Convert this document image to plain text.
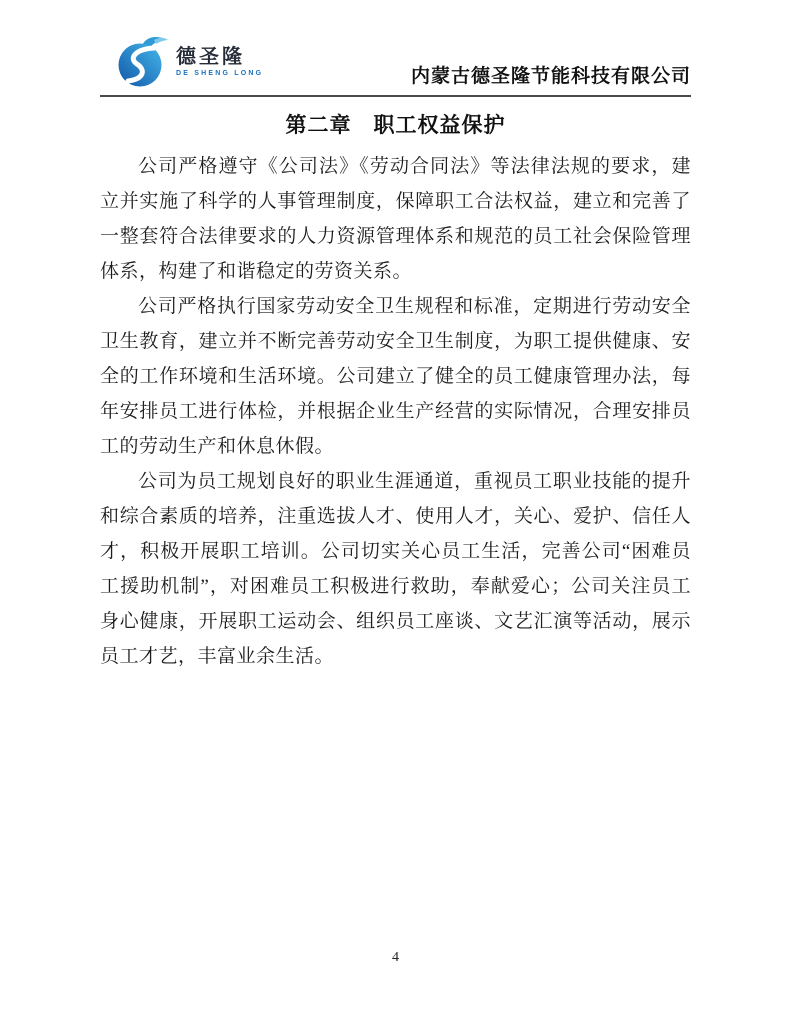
德圣隆
DE SHENG LONG	内蒙古德圣隆节能科技有限公司
第二章　职工权益保护

公司严格遵守《公司法》《劳动合同法》等法律法规的要求，建立并实施了科学的人事管理制度，保障职工合法权益，建立和完善了一整套符合法律要求的人力资源管理体系和规范的员工社会保险管理体系，构建了和谐稳定的劳资关系。

公司严格执行国家劳动安全卫生规程和标准，定期进行劳动安全卫生教育，建立并不断完善劳动安全卫生制度，为职工提供健康、安全的工作环境和生活环境。公司建立了健全的员工健康管理办法，每年安排员工进行体检，并根据企业生产经营的实际情况，合理安排员工的劳动生产和休息休假。

公司为员工规划良好的职业生涯通道，重视员工职业技能的提升和综合素质的培养，注重选拔人才、使用人才，关心、爱护、信任人才，积极开展职工培训。公司切实关心员工生活，完善公司“困难员工援助机制”，对困难员工积极进行救助，奉献爱心；公司关注员工身心健康，开展职工运动会、组织员工座谈、文艺汇演等活动，展示员工才艺，丰富业余生活。

4
